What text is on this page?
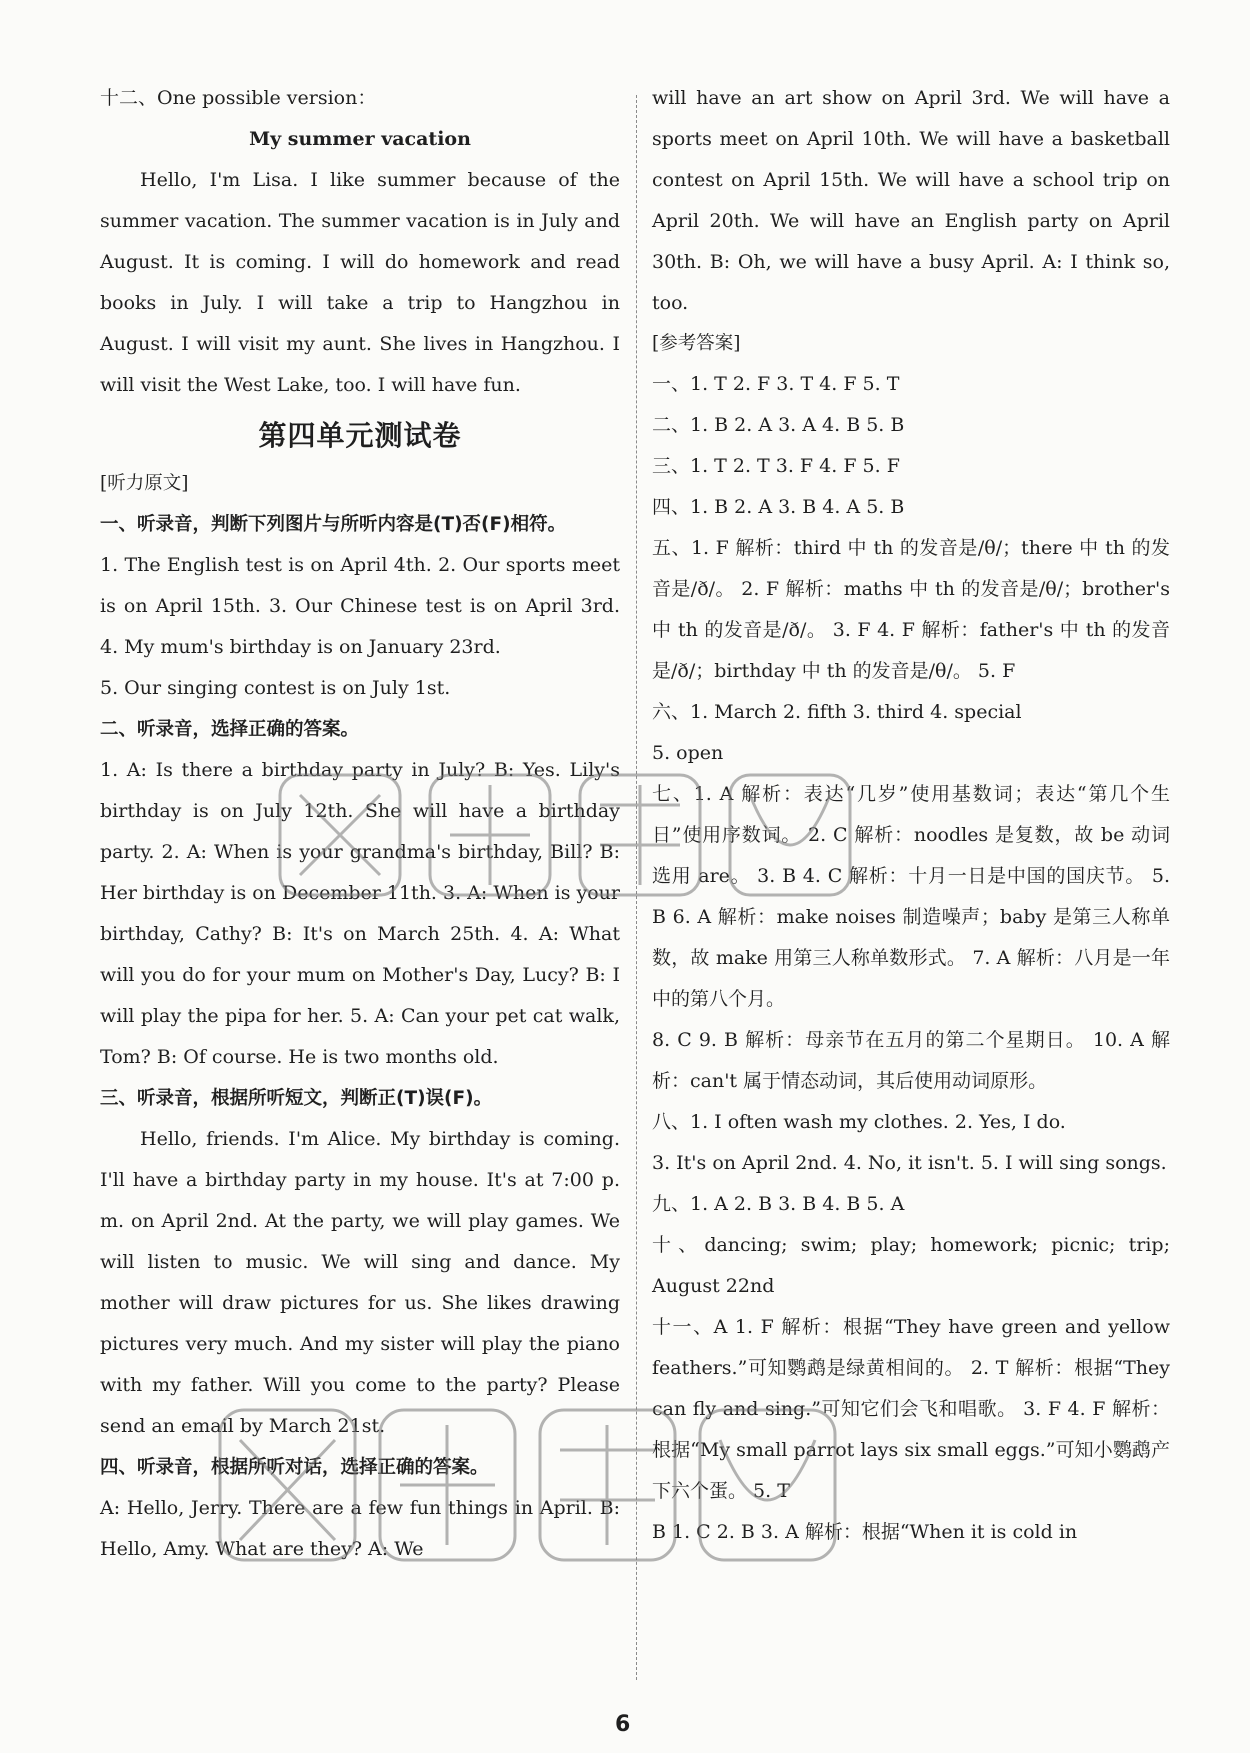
十二、One possible version：

My summer vacation

Hello, I'm Lisa. I like summer because of the summer vacation. The summer vacation is in July and August. It is coming. I will do homework and read books in July. I will take a trip to Hangzhou in August. I will visit my aunt. She lives in Hangzhou. I will visit the West Lake, too. I will have fun.

第四单元测试卷

[听力原文]

一、听录音，判断下列图片与所听内容是(T)否(F)相符。

1. The English test is on April 4th. 2. Our sports meet is on April 15th. 3. Our Chinese test is on April 3rd. 4. My mum's birthday is on January 23rd.

5. Our singing contest is on July 1st.

二、听录音，选择正确的答案。

1. A: Is there a birthday party in July? B: Yes. Lily's birthday is on July 12th. She will have a birthday party. 2. A: When is your grandma's birthday, Bill? B: Her birthday is on December 11th. 3. A: When is your birthday, Cathy? B: It's on March 25th. 4. A: What will you do for your mum on Mother's Day, Lucy? B: I will play the pipa for her. 5. A: Can your pet cat walk, Tom? B: Of course. He is two months old.

三、听录音，根据所听短文，判断正(T)误(F)。

Hello, friends. I'm Alice. My birthday is coming. I'll have a birthday party in my house. It's at 7:00 p. m. on April 2nd. At the party, we will play games. We will listen to music. We will sing and dance. My mother will draw pictures for us. She likes drawing pictures very much. And my sister will play the piano with my father. Will you come to the party? Please send an email by March 21st.

四、听录音，根据所听对话，选择正确的答案。

A: Hello, Jerry. There are a few fun things in April. B: Hello, Amy. What are they? A: We

will have an art show on April 3rd. We will have a sports meet on April 10th. We will have a basketball contest on April 15th. We will have a school trip on April 20th. We will have an English party on April 30th. B: Oh, we will have a busy April. A: I think so, too.

[参考答案]

一、1. T 2. F 3. T 4. F 5. T

二、1. B 2. A 3. A 4. B 5. B

三、1. T 2. T 3. F 4. F 5. F

四、1. B 2. A 3. B 4. A 5. B

五、1. F 解析：third 中 th 的发音是/θ/；there 中 th 的发音是/ð/。 2. F 解析：maths 中 th 的发音是/θ/；brother's 中 th 的发音是/ð/。 3. F 4. F 解析：father's 中 th 的发音是/ð/；birthday 中 th 的发音是/θ/。 5. F

六、1. March 2. fifth 3. third 4. special

5. open

七、1. A 解析：表达“几岁”使用基数词；表达“第几个生日”使用序数词。 2. C 解析：noodles 是复数，故 be 动词选用 are。 3. B 4. C 解析：十月一日是中国的国庆节。 5. B 6. A 解析：make noises 制造噪声；baby 是第三人称单数，故 make 用第三人称单数形式。 7. A 解析：八月是一年中的第八个月。

8. C 9. B 解析：母亲节在五月的第二个星期日。 10. A 解析：can't 属于情态动词，其后使用动词原形。

八、1. I often wash my clothes. 2. Yes, I do.

3. It's on April 2nd. 4. No, it isn't. 5. I will sing songs.

九、1. A 2. B 3. B 4. B 5. A

十、dancing; swim; play; homework; picnic; trip; August 22nd

十一、A 1. F 解析：根据“They have green and yellow feathers.”可知鹦鹉是绿黄相间的。 2. T 解析：根据“They can fly and sing.”可知它们会飞和唱歌。 3. F 4. F 解析：根据“My small parrot lays six small eggs.”可知小鹦鹉产下六个蛋。 5. T

B 1. C 2. B 3. A 解析：根据“When it is cold in

6
